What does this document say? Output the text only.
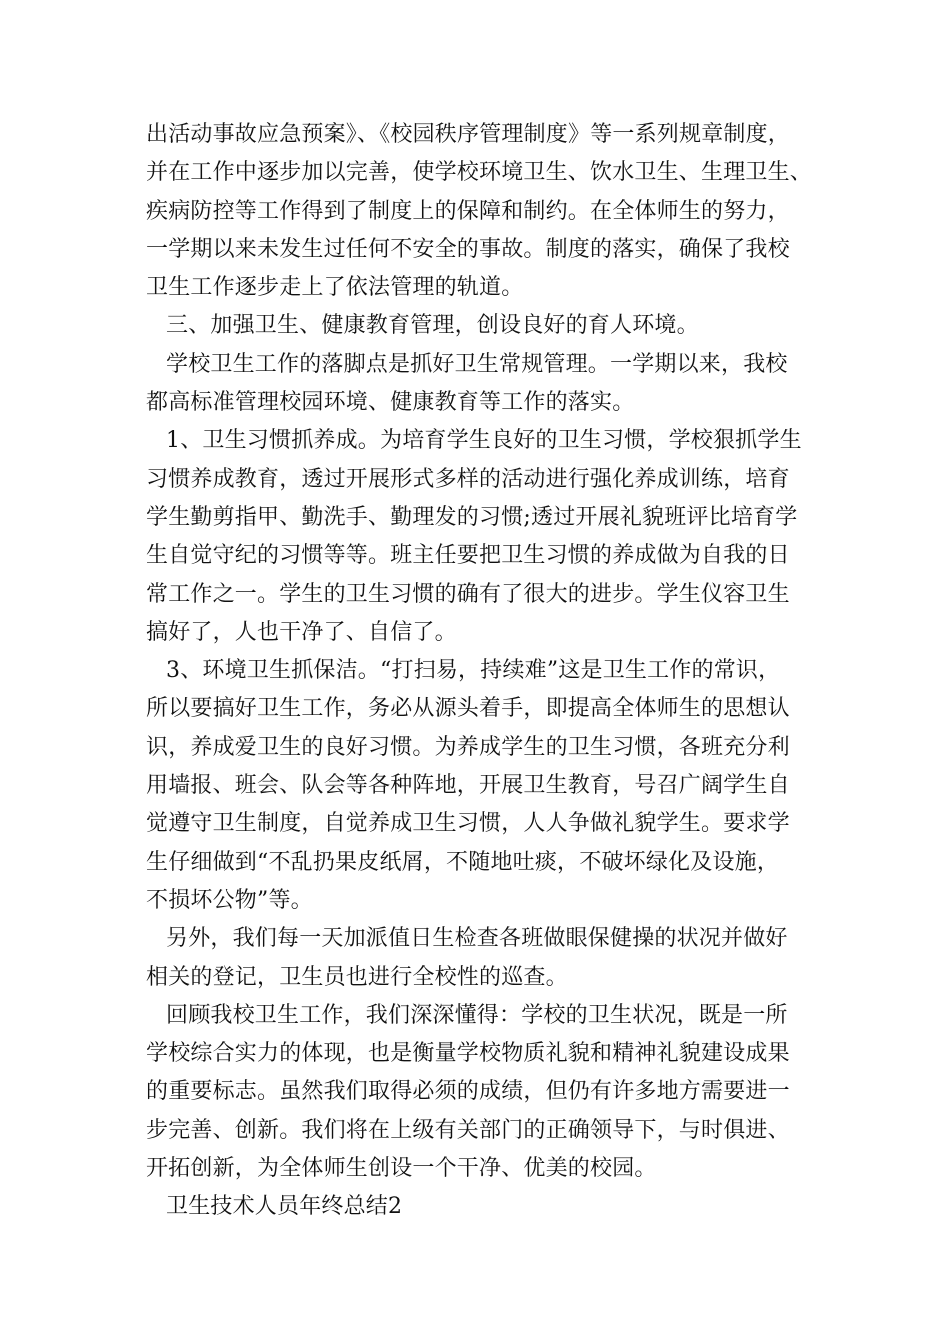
出活动事故应急预案》、《校园秩序管理制度》等一系列规章制度，
并在工作中逐步加以完善，使学校环境卫生、饮水卫生、生理卫生、
疾病防控等工作得到了制度上的保障和制约。在全体师生的努力，
一学期以来未发生过任何不安全的事故。制度的落实，确保了我校
卫生工作逐步走上了依法管理的轨道。
三、加强卫生、健康教育管理，创设良好的育人环境。
学校卫生工作的落脚点是抓好卫生常规管理。一学期以来，我校
都高标准管理校园环境、健康教育等工作的落实。
1、卫生习惯抓养成。为培育学生良好的卫生习惯，学校狠抓学生
习惯养成教育，透过开展形式多样的活动进行强化养成训练，培育
学生勤剪指甲、勤洗手、勤理发的习惯;透过开展礼貌班评比培育学
生自觉守纪的习惯等等。班主任要把卫生习惯的养成做为自我的日
常工作之一。学生的卫生习惯的确有了很大的进步。学生仪容卫生
搞好了，人也干净了、自信了。
3、环境卫生抓保洁。“打扫易，持续难”这是卫生工作的常识，
所以要搞好卫生工作，务必从源头着手，即提高全体师生的思想认
识，养成爱卫生的良好习惯。为养成学生的卫生习惯，各班充分利
用墙报、班会、队会等各种阵地，开展卫生教育，号召广阔学生自
觉遵守卫生制度，自觉养成卫生习惯，人人争做礼貌学生。要求学
生仔细做到“不乱扔果皮纸屑，不随地吐痰，不破坏绿化及设施，
不损坏公物”等。
另外，我们每一天加派值日生检查各班做眼保健操的状况并做好
相关的登记，卫生员也进行全校性的巡查。
回顾我校卫生工作，我们深深懂得：学校的卫生状况，既是一所
学校综合实力的体现，也是衡量学校物质礼貌和精神礼貌建设成果
的重要标志。虽然我们取得必须的成绩，但仍有许多地方需要进一
步完善、创新。我们将在上级有关部门的正确领导下，与时俱进、
开拓创新，为全体师生创设一个干净、优美的校园。
卫生技术人员年终总结2
